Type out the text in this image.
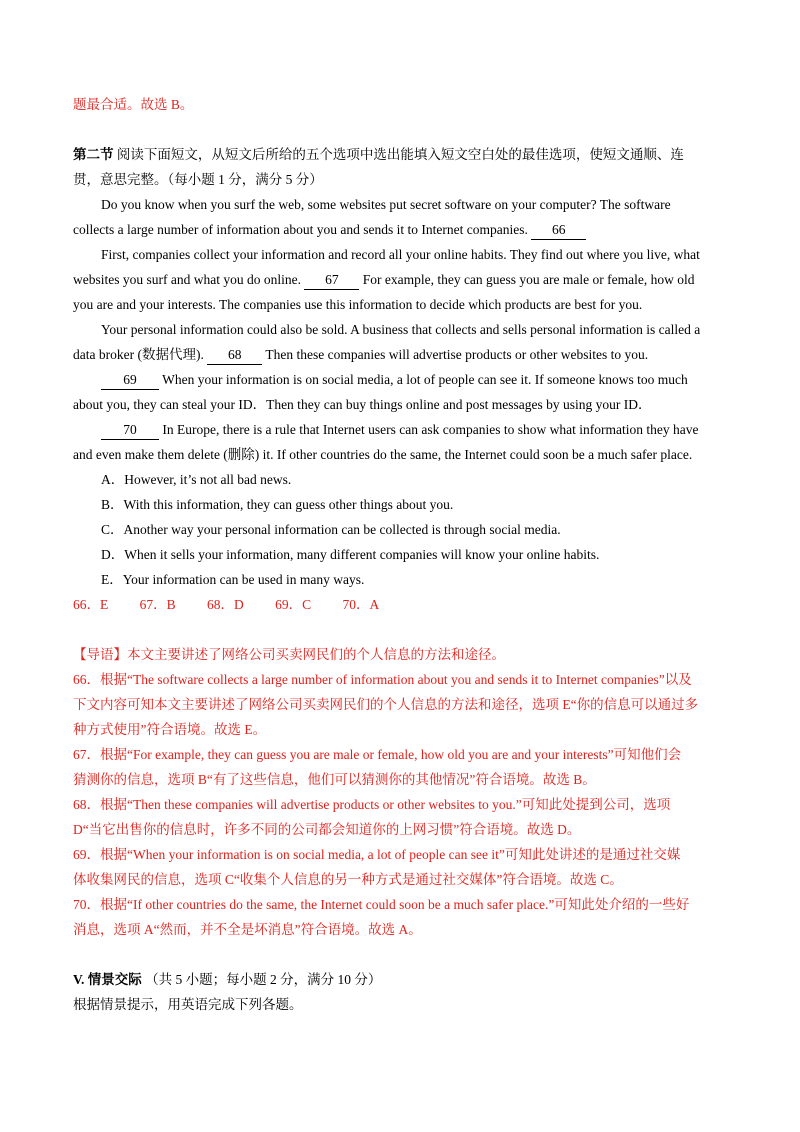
题最合适。故选 B。
第二节 阅读下面短文，从短文后所给的五个选项中选出能填入短文空白处的最佳选项，使短文通顺、连
贯，意思完整。（每小题 1 分，满分 5 分）
Do you know when you surf the web, some websites put secret software on your computer? The software
collects a large number of information about you and sends it to Internet companies. 66
First, companies collect your information and record all your online habits. They find out where you live, what
websites you surf and what you do online. 67 For example, they can guess you are male or female, how old
you are and your interests. The companies use this information to decide which products are best for you.
Your personal information could also be sold. A business that collects and sells personal information is called a
data broker (数据代理). 68 Then these companies will advertise products or other websites to you.
69 When your information is on social media, a lot of people can see it. If someone knows too much
about you, they can steal your ID．Then they can buy things online and post messages by using your ID．
70 In Europe, there is a rule that Internet users can ask companies to show what information they have
and even make them delete (删除) it. If other countries do the same, the Internet could soon be a much safer place.
A．However, it’s not all bad news.
B．With this information, they can guess other things about you.
C．Another way your personal information can be collected is through social media.
D．When it sells your information, many different companies will know your online habits.
E．Your information can be used in many ways.
66．E 67．B 68．D 69．C 70．A
【导语】本文主要讲述了网络公司买卖网民们的个人信息的方法和途径。
66．根据“The software collects a large number of information about you and sends it to Internet companies”以及
下文内容可知本文主要讲述了网络公司买卖网民们的个人信息的方法和途径，选项 E“你的信息可以通过多
种方式使用”符合语境。故选 E。
67．根据“For example, they can guess you are male or female, how old you are and your interests”可知他们会
猜测你的信息，选项 B“有了这些信息，他们可以猜测你的其他情况”符合语境。故选 B。
68．根据“Then these companies will advertise products or other websites to you.”可知此处提到公司，选项
D“当它出售你的信息时，许多不同的公司都会知道你的上网习惯”符合语境。故选 D。
69．根据“When your information is on social media, a lot of people can see it”可知此处讲述的是通过社交媒
体收集网民的信息，选项 C“收集个人信息的另一种方式是通过社交媒体”符合语境。故选 C。
70．根据“If other countries do the same, the Internet could soon be a much safer place.”可知此处介绍的一些好
消息，选项 A“然而，并不全是坏消息”符合语境。故选 A。
V. 情景交际 （共 5 小题；每小题 2 分，满分 10 分）
根据情景提示，用英语完成下列各题。
